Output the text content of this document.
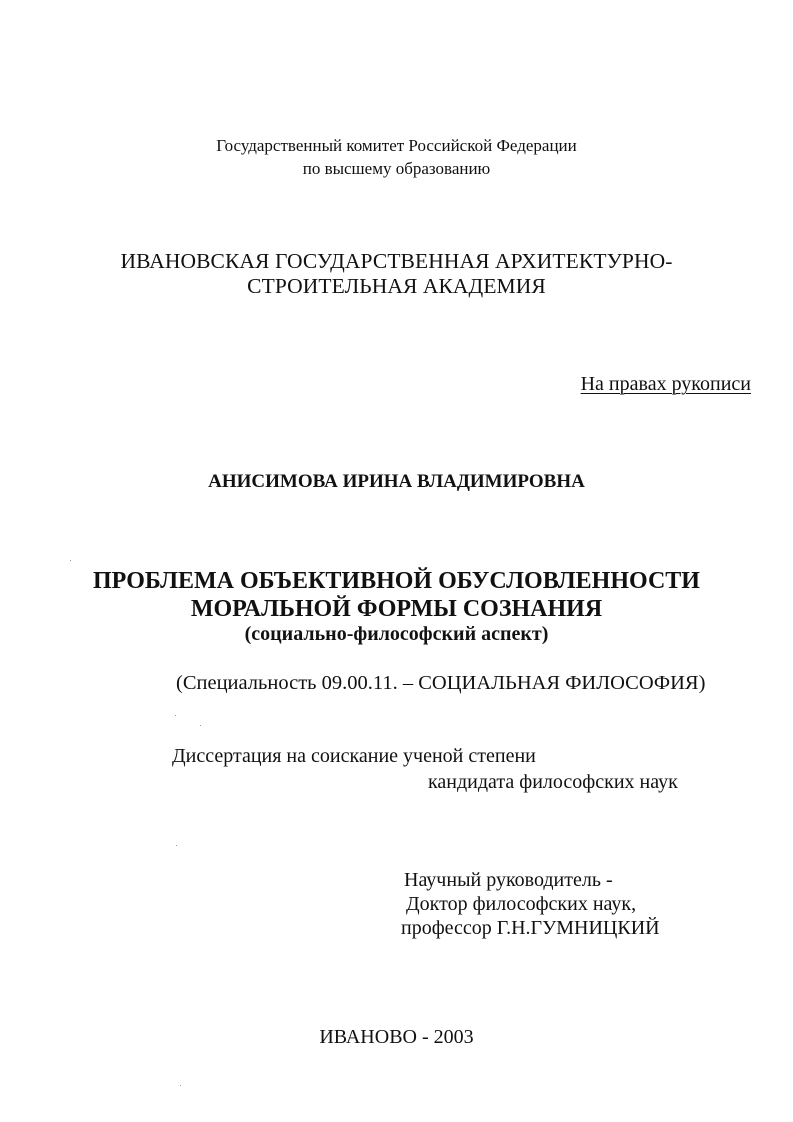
Государственный комитет Российской Федерации
по высшему образованию
ИВАНОВСКАЯ ГОСУДАРСТВЕННАЯ АРХИТЕКТУРНО-
СТРОИТЕЛЬНАЯ АКАДЕМИЯ
На правах рукописи
АНИСИМОВА ИРИНА ВЛАДИМИРОВНА
ПРОБЛЕМА ОБЪЕКТИВНОЙ ОБУСЛОВЛЕННОСТИ
МОРАЛЬНОЙ ФОРМЫ СОЗНАНИЯ
(социально-философский аспект)
(Специальность 09.00.11. – СОЦИАЛЬНАЯ ФИЛОСОФИЯ)
Диссертация на соискание ученой степени
кандидата философских наук
Научный руководитель -
Доктор философских наук,
профессор Г.Н.ГУМНИЦКИЙ
ИВАНОВО - 2003
